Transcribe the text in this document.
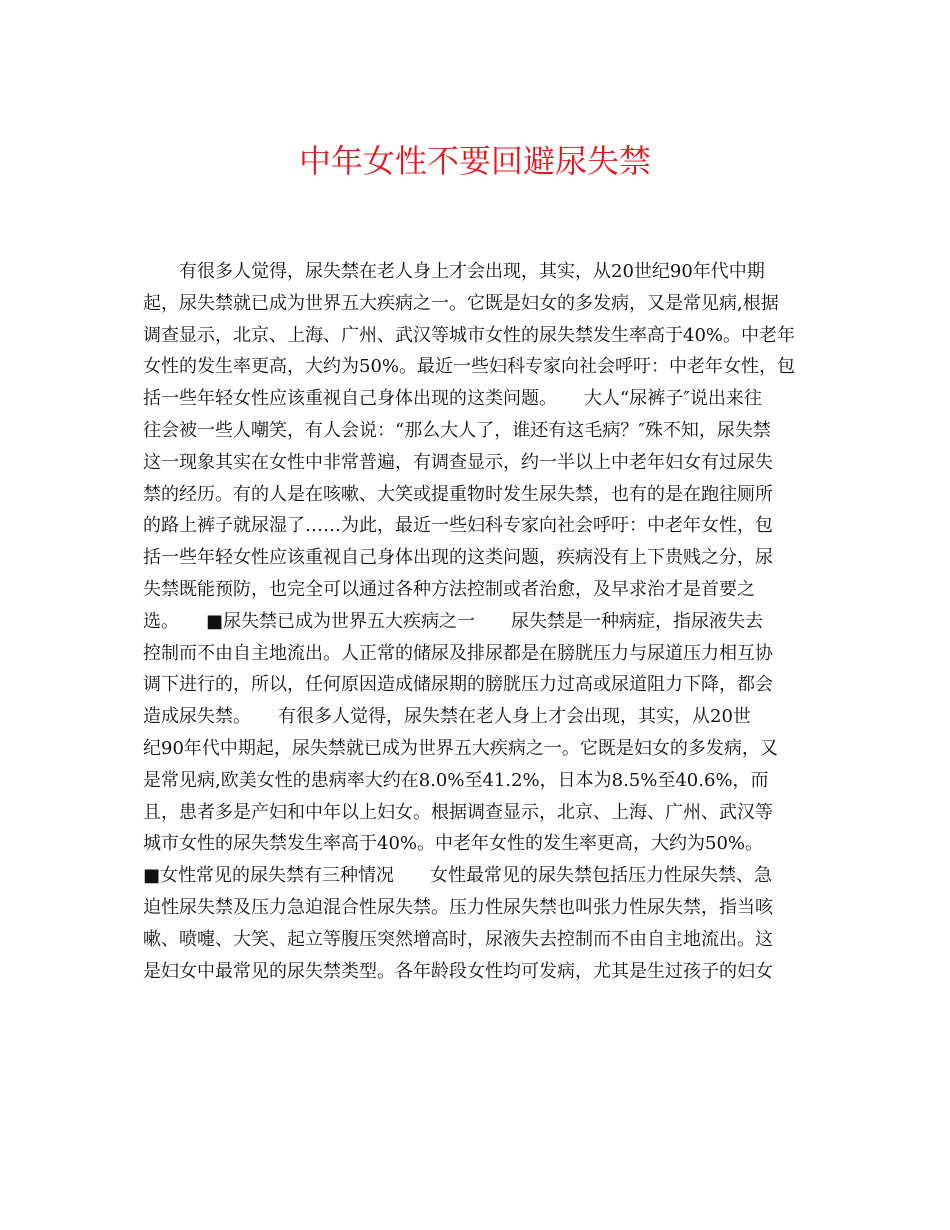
中年女性不要回避尿失禁
　　有很多人觉得，尿失禁在老人身上才会出现，其实，从20世纪90年代中期
起，尿失禁就已成为世界五大疾病之一。它既是妇女的多发病，又是常见病,根据
调查显示，北京、上海、广州、武汉等城市女性的尿失禁发生率高于40%。中老年
女性的发生率更高，大约为50%。最近一些妇科专家向社会呼吁：中老年女性，包
括一些年轻女性应该重视自己身体出现的这类问题。　　大人“尿裤子″说出来往
往会被一些人嘲笑，有人会说：“那么大人了，谁还有这毛病？″殊不知，尿失禁
这一现象其实在女性中非常普遍，有调查显示，约一半以上中老年妇女有过尿失
禁的经历。有的人是在咳嗽、大笑或提重物时发生尿失禁，也有的是在跑往厕所
的路上裤子就尿湿了……为此，最近一些妇科专家向社会呼吁：中老年女性，包
括一些年轻女性应该重视自己身体出现的这类问题，疾病没有上下贵贱之分，尿
失禁既能预防，也完全可以通过各种方法控制或者治愈，及早求治才是首要之
选。　　■尿失禁已成为世界五大疾病之一　　尿失禁是一种病症，指尿液失去
控制而不由自主地流出。人正常的储尿及排尿都是在膀胱压力与尿道压力相互协
调下进行的，所以，任何原因造成储尿期的膀胱压力过高或尿道阻力下降，都会
造成尿失禁。　　有很多人觉得，尿失禁在老人身上才会出现，其实，从20世
纪90年代中期起，尿失禁就已成为世界五大疾病之一。它既是妇女的多发病，又
是常见病,欧美女性的患病率大约在8.0%至41.2%，日本为8.5%至40.6%，而
且，患者多是产妇和中年以上妇女。根据调查显示，北京、上海、广州、武汉等
城市女性的尿失禁发生率高于40%。中老年女性的发生率更高，大约为50%。
■女性常见的尿失禁有三种情况　　女性最常见的尿失禁包括压力性尿失禁、急
迫性尿失禁及压力急迫混合性尿失禁。压力性尿失禁也叫张力性尿失禁，指当咳
嗽、喷嚏、大笑、起立等腹压突然增高时，尿液失去控制而不由自主地流出。这
是妇女中最常见的尿失禁类型。各年龄段女性均可发病，尤其是生过孩子的妇女
